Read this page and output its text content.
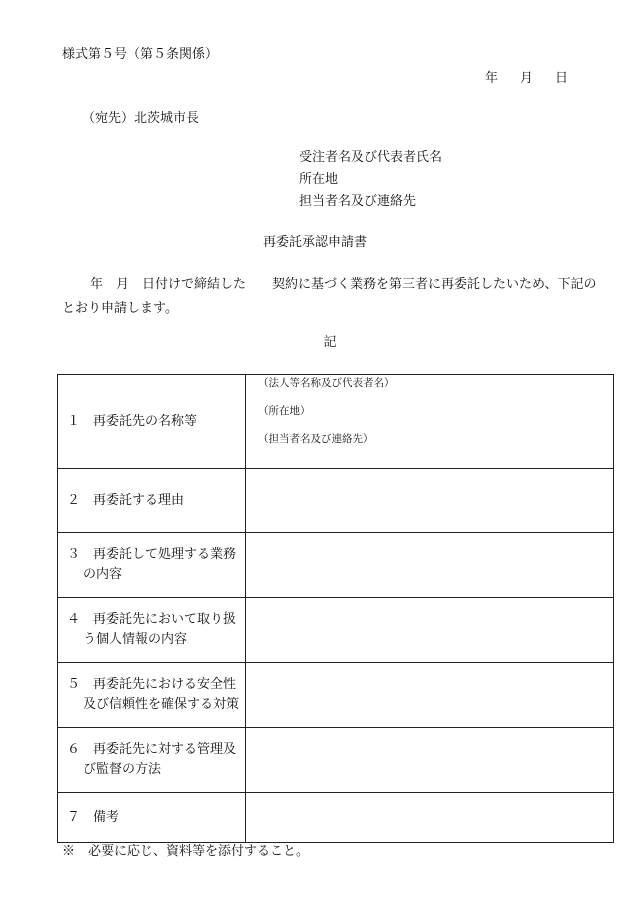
様式第５号（第５条関係）
年 月 日
（宛先）北茨城市長
受注者名及び代表者氏名
所在地
担当者名及び連絡先
再委託承認申請書
年　月　日付けで締結した　　契約に基づく業務を第三者に再委託したいため、下記のとおり申請します。
記
１　再委託先の名称等	（法人等名称及び代表者名）
（所在地）
（担当者名及び連絡先）

２　再委託する理由	

３　再委託して処理する業務の内容	

４　再委託先において取り扱う個人情報の内容	

５　再委託先における安全性及び信頼性を確保する対策	

６　再委託先に対する管理及び監督の方法	

７　備考	

※　必要に応じ、資料等を添付すること。
